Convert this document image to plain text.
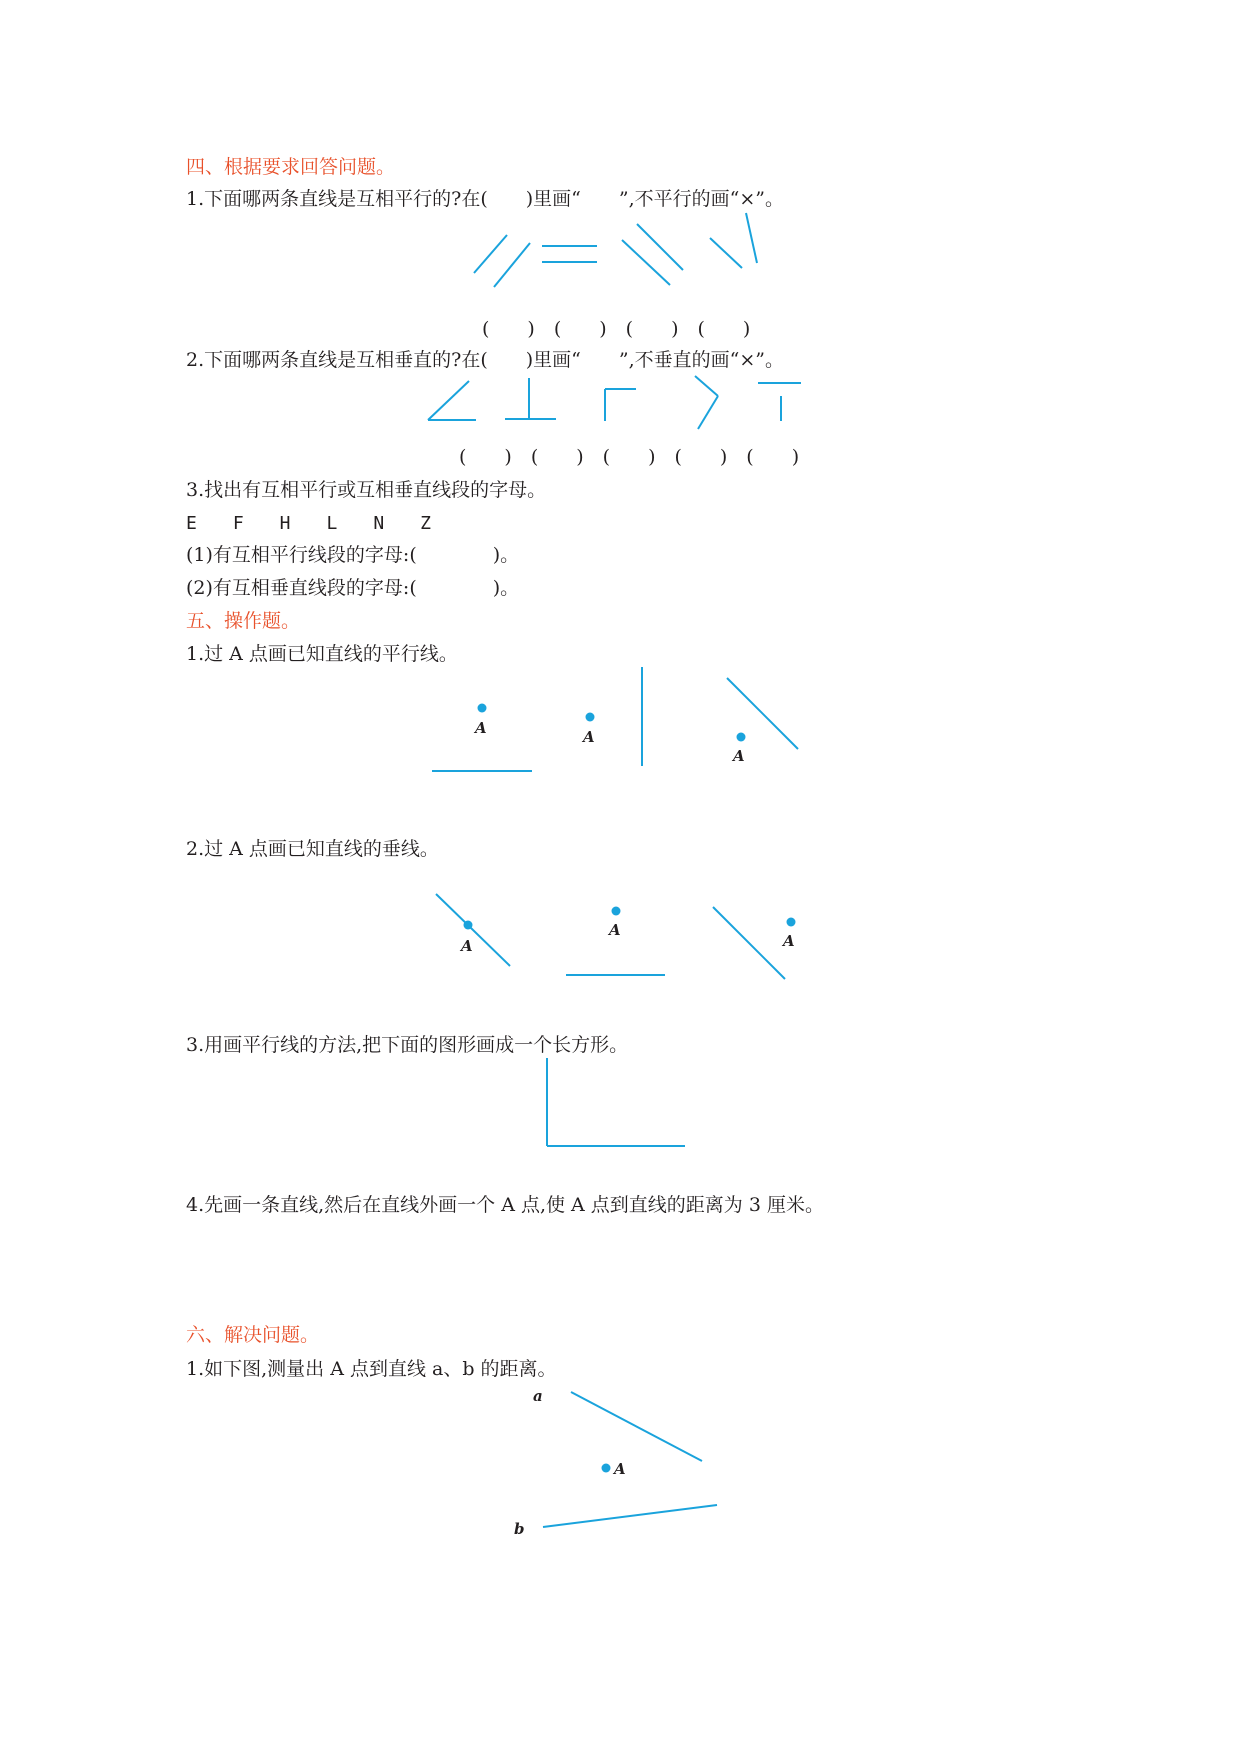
四、根据要求回答问题。
1.下面哪两条直线是互相平行的?在(　　)里画“　　”,不平行的画“×”。
(　　)　(　　)　(　　)　(　　)
2.下面哪两条直线是互相垂直的?在(　　)里画“　　”,不垂直的画“×”。
(　　)　(　　)　(　　)　(　　)　(　　)
3.找出有互相平行或互相垂直线段的字母。
E　　F　　H　　L　　N　　Z
(1)有互相平行线段的字母:(　　　　)。
(2)有互相垂直线段的字母:(　　　　)。
五、操作题。
1.过 A 点画已知直线的平行线。
A	A
A
2.过 A 点画已知直线的垂线。
A
A
A
3.用画平行线的方法,把下面的图形画成一个长方形。
4.先画一条直线,然后在直线外画一个 A 点,使 A 点到直线的距离为 3 厘米。
六、解决问题。
1.如下图,测量出 A 点到直线 a、b 的距离。
a
A
b
